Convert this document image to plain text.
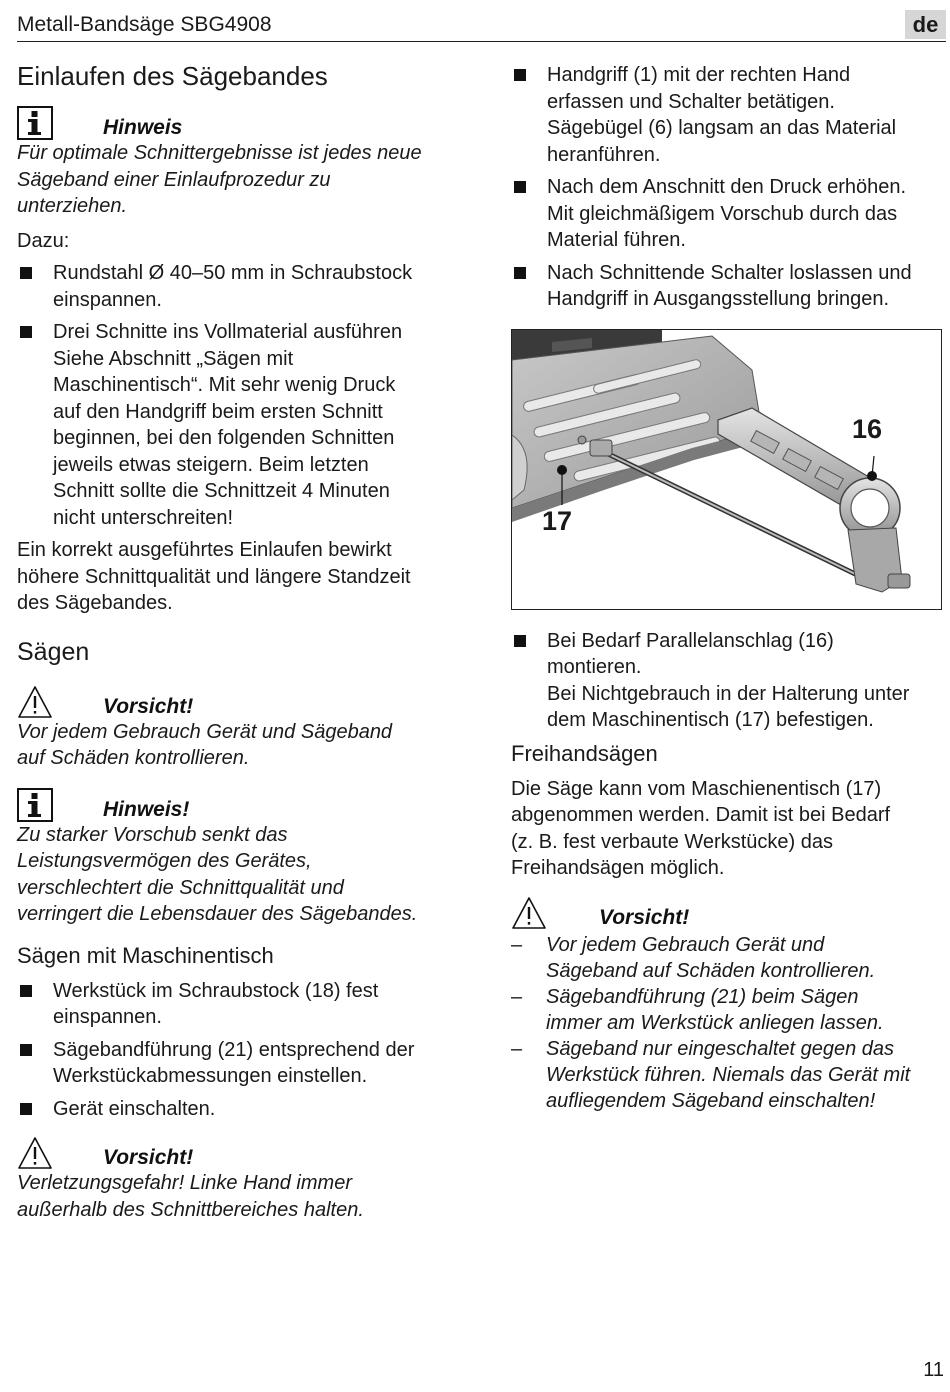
Metall-Bandsäge SBG4908	de
Einlaufen des Sägebandes
Hinweis

Für optimale Schnittergebnisse ist jedes neue
Sägeband einer Einlaufprozedur zu
unterziehen.

Dazu:

Rundstahl Ø 40–50 mm in Schraubstock
einspannen.
Drei Schnitte ins Vollmaterial ausführen
Siehe Abschnitt „Sägen mit
Maschinentisch“. Mit sehr wenig Druck
auf den Handgriff beim ersten Schnitt
beginnen, bei den folgenden Schnitten
jeweils etwas steigern. Beim letzten
Schnitt sollte die Schnittzeit 4 Minuten
nicht unterschreiten!

Ein korrekt ausgeführtes Einlaufen bewirkt
höhere Schnittqualität und längere Standzeit
des Sägebandes.

Sägen
Vorsicht!

Vor jedem Gebrauch Gerät und Sägeband
auf Schäden kontrollieren.

Hinweis!

Zu starker Vorschub senkt das
Leistungsvermögen des Gerätes,
verschlechtert die Schnittqualität und
verringert die Lebensdauer des Sägebandes.

Sägen mit Maschinentisch
Werkstück im Schraubstock (18) fest
einspannen.
Sägebandführung (21) entsprechend der
Werkstückabmessungen einstellen.
Gerät einschalten.
Vorsicht!

Verletzungsgefahr! Linke Hand immer
außerhalb des Schnittbereiches halten.

Handgriff (1) mit der rechten Hand
erfassen und Schalter betätigen.
Sägebügel (6) langsam an das Material
heranführen.
Nach dem Anschnitt den Druck erhöhen.
Mit gleichmäßigem Vorschub durch das
Material führen.
Nach Schnittende Schalter loslassen und
Handgriff in Ausgangsstellung bringen.
16
17
Bei Bedarf Parallelanschlag (16)
montieren.
Bei Nichtgebrauch in der Halterung unter
dem Maschinentisch (17) befestigen.
Freihandsägen

Die Säge kann vom Maschienentisch (17)
abgenommen werden. Damit ist bei Bedarf
(z. B. fest verbaute Werkstücke) das
Freihandsägen möglich.

Vorsicht!
– Vor jedem Gebrauch Gerät und
Sägeband auf Schäden kontrollieren.
– Sägebandführung (21) beim Sägen
immer am Werkstück anliegen lassen.
– Sägeband nur eingeschaltet gegen das
Werkstück führen. Niemals das Gerät mit
aufliegendem Sägeband einschalten!
11
